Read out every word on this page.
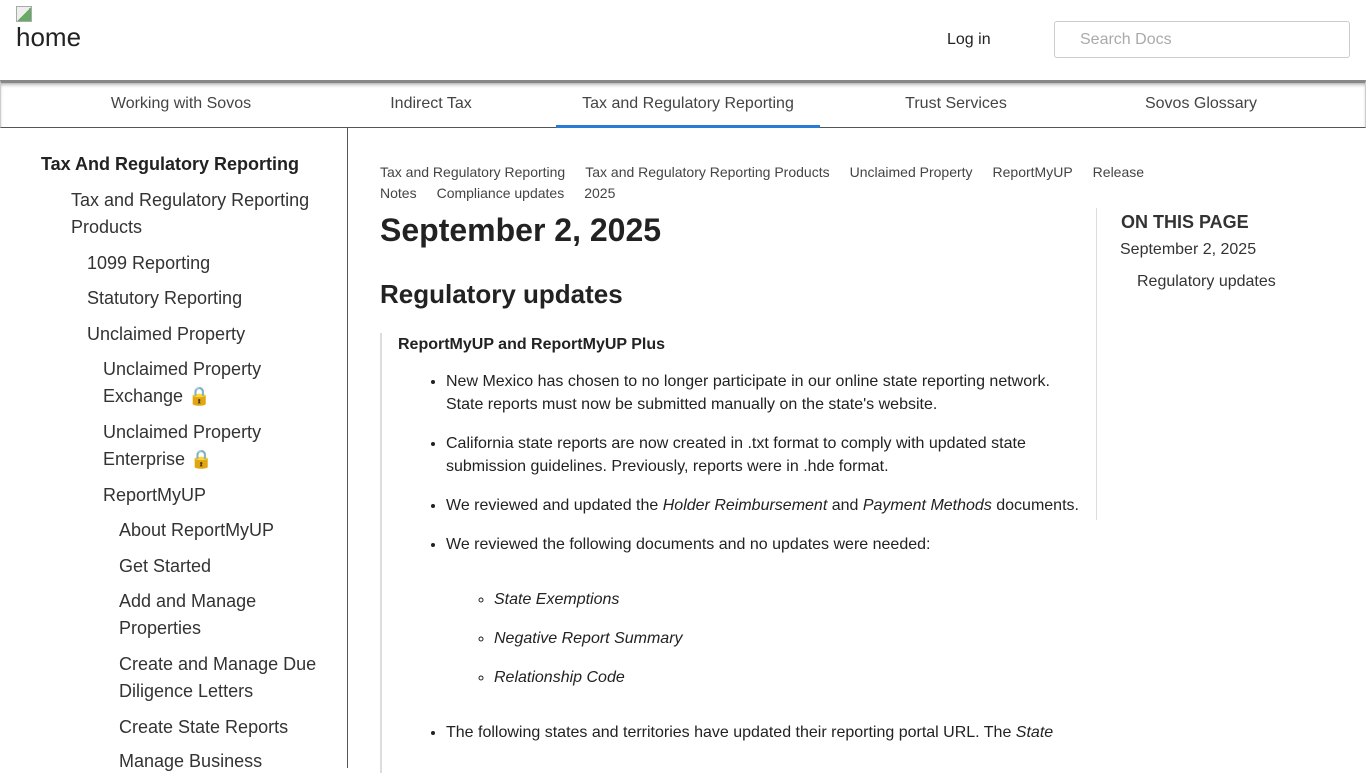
home	Log in
Search Docs
Working with Sovos	Indirect Tax	Tax and Regulatory Reporting	Trust Services	Sovos Glossary
Tax And Regulatory Reporting
Tax and Regulatory Reporting Products
1099 Reporting
Statutory Reporting
Unclaimed Property
Unclaimed Property Exchange 🔒
Unclaimed Property Enterprise 🔒
ReportMyUP
About ReportMyUP
Get Started
Add and Manage Properties
Create and Manage Due Diligence Letters
Create State Reports
Manage Business
Tax and Regulatory Reporting Tax and Regulatory Reporting Products Unclaimed Property ReportMyUP Release Notes Compliance updates 2025
September 2, 2025
Regulatory updates
ReportMyUP and ReportMyUP Plus
• New Mexico has chosen to no longer participate in our online state reporting network. State reports must now be submitted manually on the state's website.
• California state reports are now created in .txt format to comply with updated state submission guidelines. Previously, reports were in .hde format.
• We reviewed and updated the Holder Reimbursement and Payment Methods documents.
• We reviewed the following documents and no updates were needed:
◦ State Exemptions
◦ Negative Report Summary
◦ Relationship Code
• The following states and territories have updated their reporting portal URL. The State
ON THIS PAGE
September 2, 2025
Regulatory updates
